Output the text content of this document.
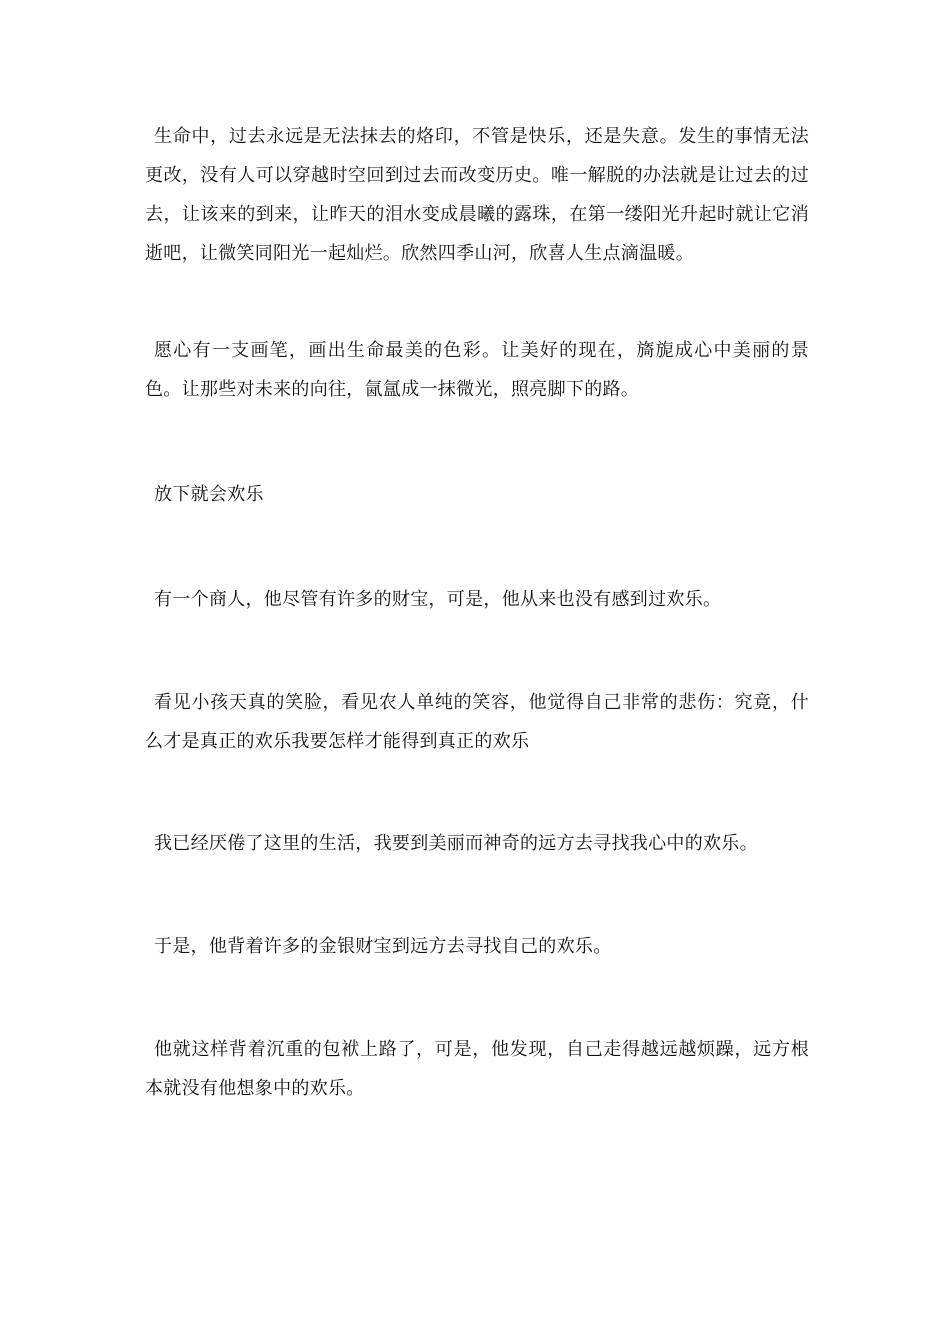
生命中，过去永远是无法抹去的烙印，不管是快乐，还是失意。发生的事情无法更改，没有人可以穿越时空回到过去而改变历史。唯一解脱的办法就是让过去的过去，让该来的到来，让昨天的泪水变成晨曦的露珠，在第一缕阳光升起时就让它消逝吧，让微笑同阳光一起灿烂。欣然四季山河，欣喜人生点滴温暖。

愿心有一支画笔，画出生命最美的色彩。让美好的现在，旖旎成心中美丽的景色。让那些对未来的向往，氤氲成一抹微光，照亮脚下的路。

放下就会欢乐

有一个商人，他尽管有许多的财宝，可是，他从来也没有感到过欢乐。

看见小孩天真的笑脸，看见农人单纯的笑容，他觉得自己非常的悲伤：究竟，什么才是真正的欢乐我要怎样才能得到真正的欢乐

我已经厌倦了这里的生活，我要到美丽而神奇的远方去寻找我心中的欢乐。

于是，他背着许多的金银财宝到远方去寻找自己的欢乐。

他就这样背着沉重的包袱上路了，可是，他发现，自己走得越远越烦躁，远方根本就没有他想象中的欢乐。
